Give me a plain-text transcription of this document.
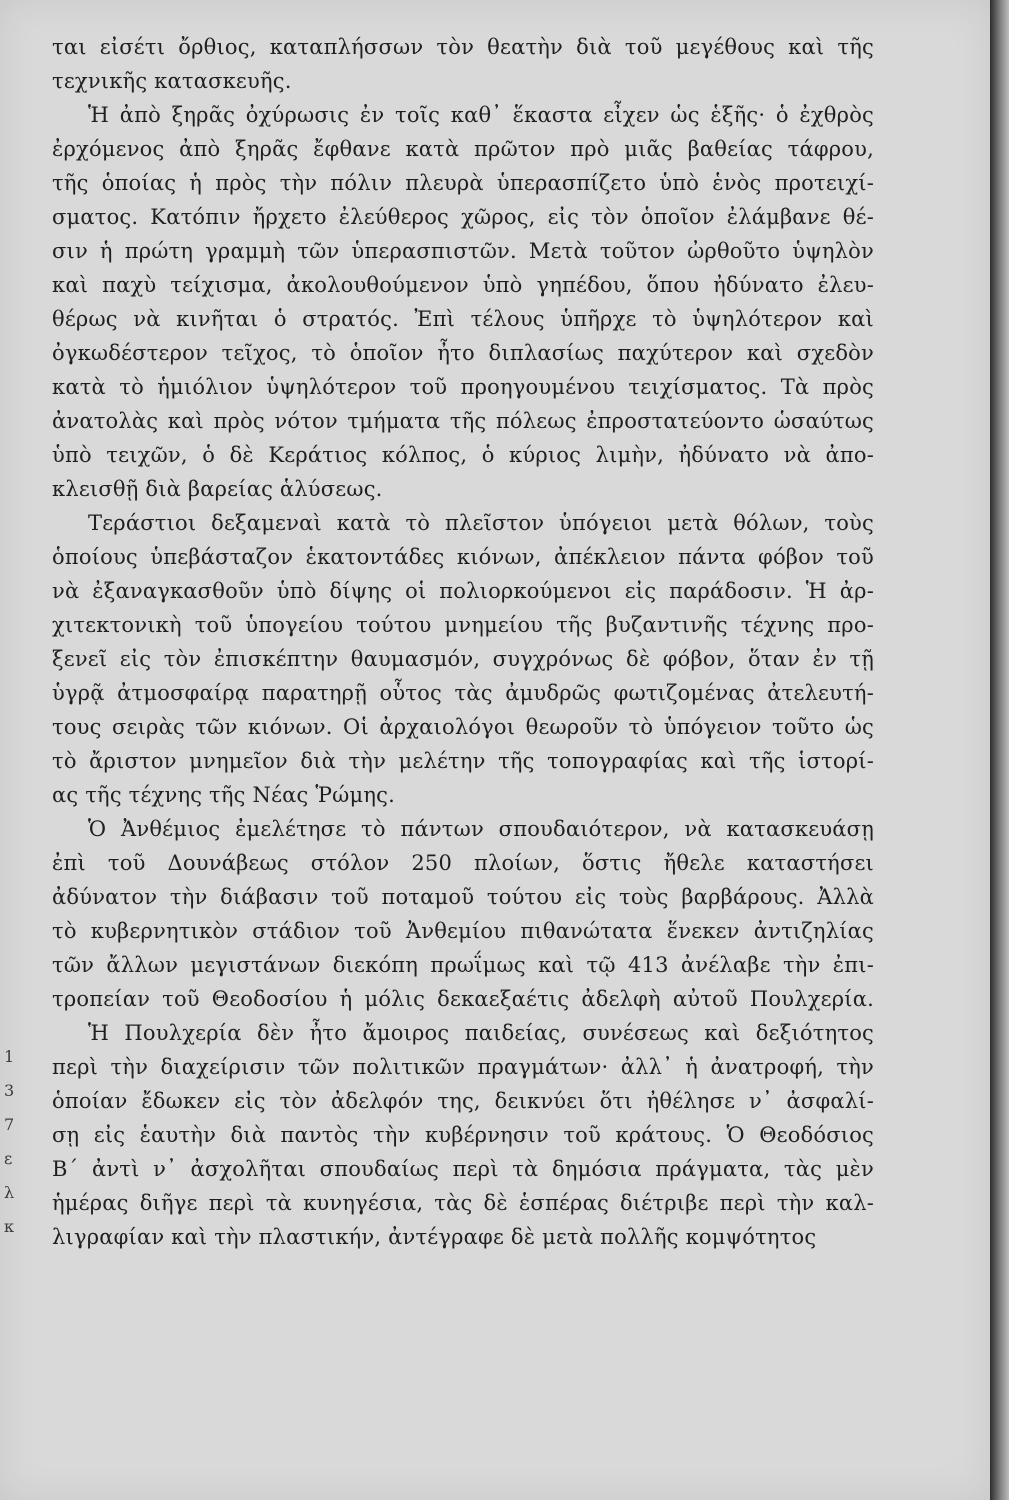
ται εἰσέτι ὄρθιος, καταπλήσσων τὸν θεατὴν διὰ τοῦ μεγέθους καὶ τῆς
τεχνικῆς κατασκευῆς.
Ἡ ἀπὸ ξηρᾶς ὀχύρωσις ἐν τοῖς καθ᾿ ἕκαστα εἶχεν ὡς ἑξῆς· ὁ ἐχθρὸς
ἐρχόμενος ἀπὸ ξηρᾶς ἔφθανε κατὰ πρῶτον πρὸ μιᾶς βαθείας τάφρου,
τῆς ὁποίας ἡ πρὸς τὴν πόλιν πλευρὰ ὑπερασπίζετο ὑπὸ ἑνὸς προτειχί-
σματος. Κατόπιν ἤρχετο ἐλεύθερος χῶρος, εἰς τὸν ὁποῖον ἐλάμβανε θέ-
σιν ἡ πρώτη γραμμὴ τῶν ὑπερασπιστῶν. Μετὰ τοῦτον ὠρθοῦτο ὑψηλὸν
καὶ παχὺ τείχισμα, ἀκολουθούμενον ὑπὸ γηπέδου, ὅπου ἠδύνατο ἐλευ-
θέρως νὰ κινῆται ὁ στρατός. Ἐπὶ τέλους ὑπῆρχε τὸ ὑψηλότερον καὶ
ὀγκωδέστερον τεῖχος, τὸ ὁποῖον ἦτο διπλασίως παχύτερον καὶ σχεδὸν
κατὰ τὸ ἡμιόλιον ὑψηλότερον τοῦ προηγουμένου τειχίσματος. Τὰ πρὸς
ἀνατολὰς καὶ πρὸς νότον τμήματα τῆς πόλεως ἐπροστατεύοντο ὡσαύτως
ὑπὸ τειχῶν, ὁ δὲ Κεράτιος κόλπος, ὁ κύριος λιμὴν, ἠδύνατο νὰ ἀπο-
κλεισθῇ διὰ βαρείας ἁλύσεως.
Τεράστιοι δεξαμεναὶ κατὰ τὸ πλεῖστον ὑπόγειοι μετὰ θόλων, τοὺς
ὁποίους ὑπεβάσταζον ἑκατοντάδες κιόνων, ἀπέκλειον πάντα φόβον τοῦ
νὰ ἐξαναγκασθοῦν ὑπὸ δίψης οἱ πολιορκούμενοι εἰς παράδοσιν. Ἡ ἀρ-
χιτεκτονικὴ τοῦ ὑπογείου τούτου μνημείου τῆς βυζαντινῆς τέχνης προ-
ξενεῖ εἰς τὸν ἐπισκέπτην θαυμασμόν, συγχρόνως δὲ φόβον, ὅταν ἐν τῇ
ὑγρᾷ ἀτμοσφαίρᾳ παρατηρῇ οὗτος τὰς ἀμυδρῶς φωτιζομένας ἀτελευτή-
τους σειρὰς τῶν κιόνων. Οἱ ἀρχαιολόγοι θεωροῦν τὸ ὑπόγειον τοῦτο ὡς
τὸ ἄριστον μνημεῖον διὰ τὴν μελέτην τῆς τοπογραφίας καὶ τῆς ἱστορί-
ας τῆς τέχνης τῆς Νέας Ῥώμης.
Ὁ Ἀνθέμιος ἐμελέτησε τὸ πάντων σπουδαιότερον, νὰ κατασκευάσῃ
ἐπὶ τοῦ Δουνάβεως στόλον 250 πλοίων, ὅστις ἤθελε καταστήσει
ἀδύνατον τὴν διάβασιν τοῦ ποταμοῦ τούτου εἰς τοὺς βαρβάρους. Ἀλλὰ
τὸ κυβερνητικὸν στάδιον τοῦ Ἀνθεμίου πιθανώτατα ἕνεκεν ἀντιζηλίας
τῶν ἄλλων μεγιστάνων διεκόπη πρωΐμως καὶ τῷ 413 ἀνέλαβε τὴν ἐπι-
τροπείαν τοῦ Θεοδοσίου ἡ μόλις δεκαεξαέτις ἀδελφὴ αὐτοῦ Πουλχερία.
Ἡ Πουλχερία δὲν ἦτο ἄμοιρος παιδείας, συνέσεως καὶ δεξιότητος
περὶ τὴν διαχείρισιν τῶν πολιτικῶν πραγμάτων· ἀλλ᾿ ἡ ἀνατροφή, τὴν
ὁποίαν ἔδωκεν εἰς τὸν ἀδελφόν της, δεικνύει ὅτι ἠθέλησε ν᾿ ἀσφαλί-
σῃ εἰς ἑαυτὴν διὰ παντὸς τὴν κυβέρνησιν τοῦ κράτους. Ὁ Θεοδόσιος
Β΄ ἀντὶ ν᾿ ἀσχολῆται σπουδαίως περὶ τὰ δημόσια πράγματα, τὰς μὲν
ἡμέρας διῆγε περὶ τὰ κυνηγέσια, τὰς δὲ ἑσπέρας διέτριβε περὶ τὴν καλ-
λιγραφίαν καὶ τὴν πλαστικήν, ἀντέγραφε δὲ μετὰ πολλῆς κομψότητος
1
3
7
ε
λ
κ
